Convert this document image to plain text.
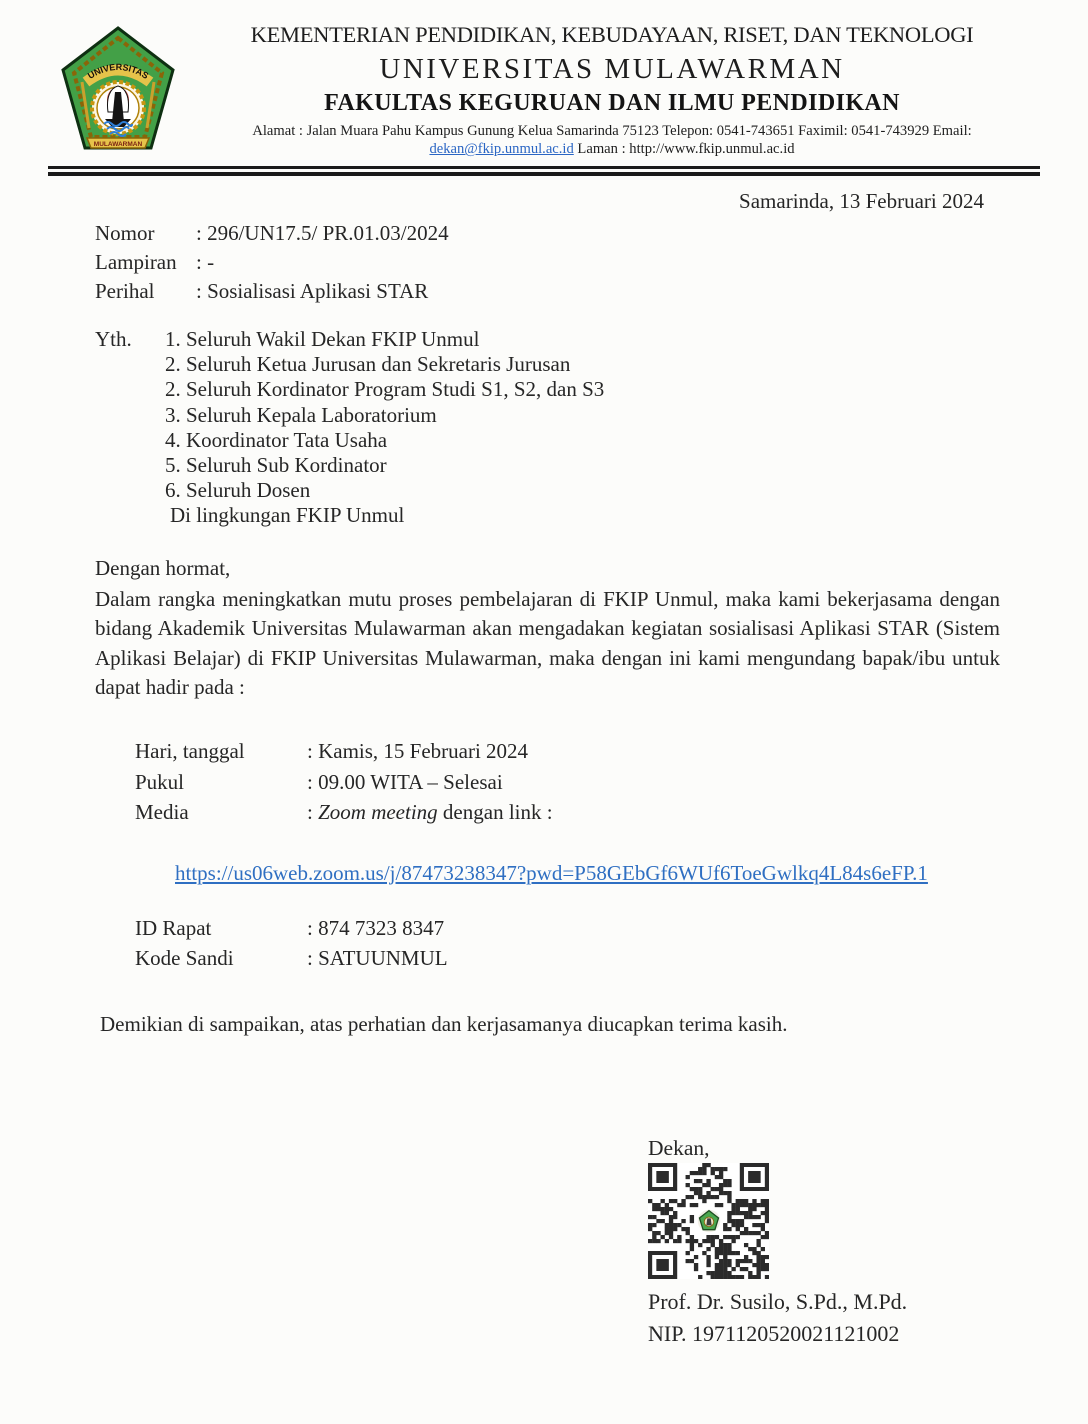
UNIVERSITAS
MULAWARMAN
KEMENTERIAN PENDIDIKAN, KEBUDAYAAN, RISET, DAN TEKNOLOGI
UNIVERSITAS MULAWARMAN
FAKULTAS KEGURUAN DAN ILMU PENDIDIKAN
Alamat : Jalan Muara Pahu Kampus Gunung Kelua Samarinda 75123 Telepon: 0541-743651 Faximil: 0541-743929 Email:
dekan@fkip.unmul.ac.id Laman : http://www.fkip.unmul.ac.id
Samarinda, 13 Februari 2024
Nomor : 296/UN17.5/ PR.01.03/2024
Lampiran : -
Perihal : Sosialisasi Aplikasi STAR
Yth.	1. Seluruh Wakil Dekan FKIP Unmul
2. Seluruh Ketua Jurusan dan Sekretaris Jurusan
2. Seluruh Kordinator Program Studi S1, S2, dan S3
3. Seluruh Kepala Laboratorium
4. Koordinator Tata Usaha
5. Seluruh Sub Kordinator
6. Seluruh Dosen
Di lingkungan FKIP Unmul
Dengan hormat,
Dalam rangka meningkatkan mutu proses pembelajaran di FKIP Unmul, maka kami bekerjasama dengan bidang Akademik Universitas Mulawarman akan mengadakan kegiatan sosialisasi Aplikasi STAR (Sistem Aplikasi Belajar) di FKIP Universitas Mulawarman, maka dengan ini kami mengundang bapak/ibu untuk dapat hadir pada :
Hari, tanggal	: Kamis, 15 Februari 2024
Pukul	: 09.00 WITA – Selesai
Media	: Zoom meeting dengan link :
https://us06web.zoom.us/j/87473238347?pwd=P58GEbGf6WUf6ToeGwlkq4L84s6eFP.1
ID Rapat	: 874 7323 8347
Kode Sandi	: SATUUNMUL
Demikian di sampaikan, atas perhatian dan kerjasamanya diucapkan terima kasih.
Dekan,
Prof. Dr. Susilo, S.Pd., M.Pd.
NIP. 1971120520021121002
